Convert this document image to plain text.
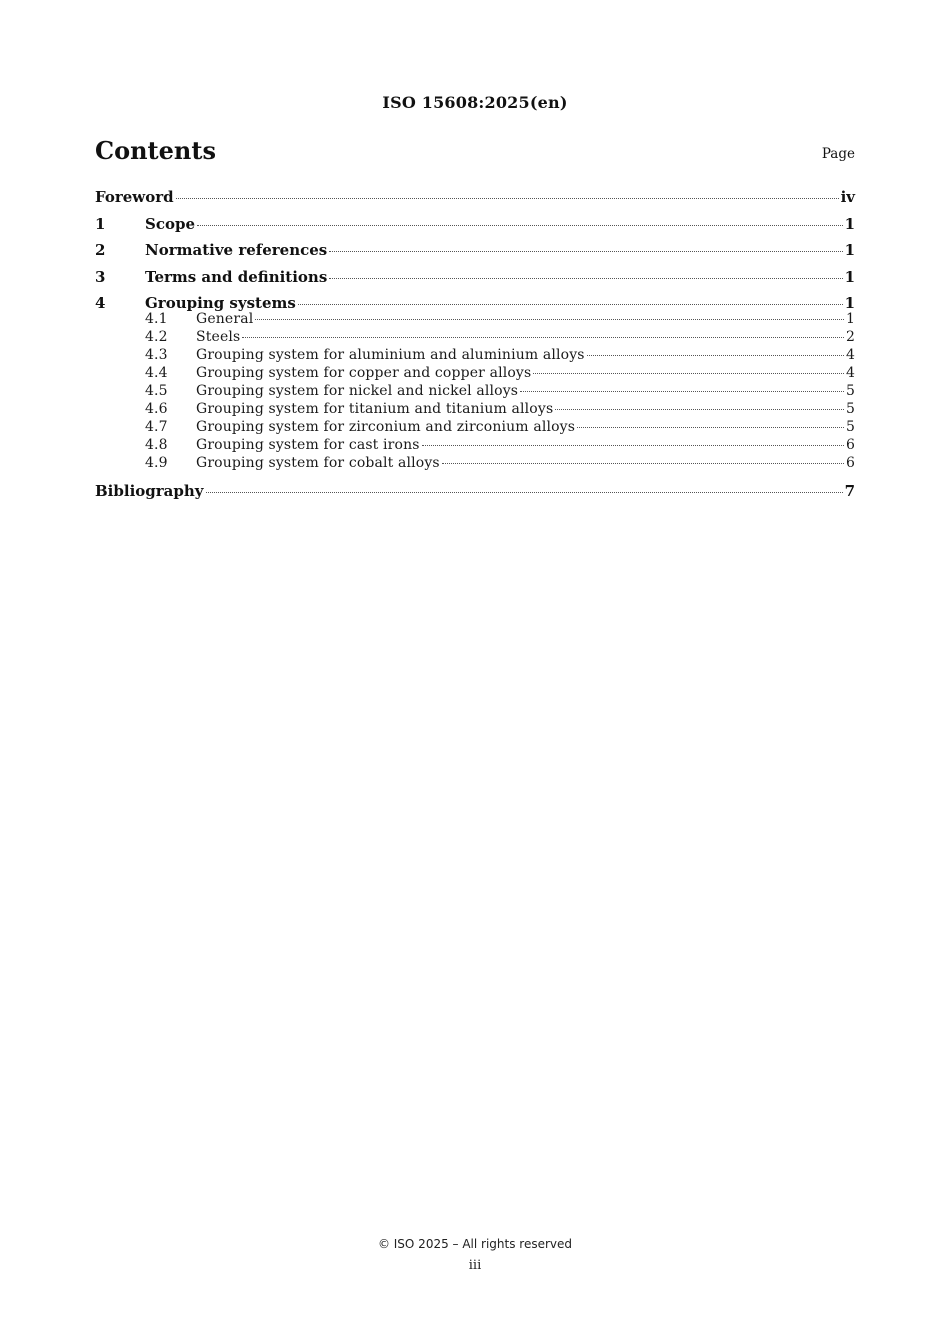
ISO 15608:2025(en)
Contents	Page
Foreword	iv
1	Scope	1
2	Normative references	1
3	Terms and definitions	1
4	Grouping systems	1
4.1	General	1
4.2	Steels	2
4.3	Grouping system for aluminium and aluminium alloys	4
4.4	Grouping system for copper and copper alloys	4
4.5	Grouping system for nickel and nickel alloys	5
4.6	Grouping system for titanium and titanium alloys	5
4.7	Grouping system for zirconium and zirconium alloys	5
4.8	Grouping system for cast irons	6
4.9	Grouping system for cobalt alloys	6
Bibliography	7
© ISO 2025 – All rights reserved
iii
